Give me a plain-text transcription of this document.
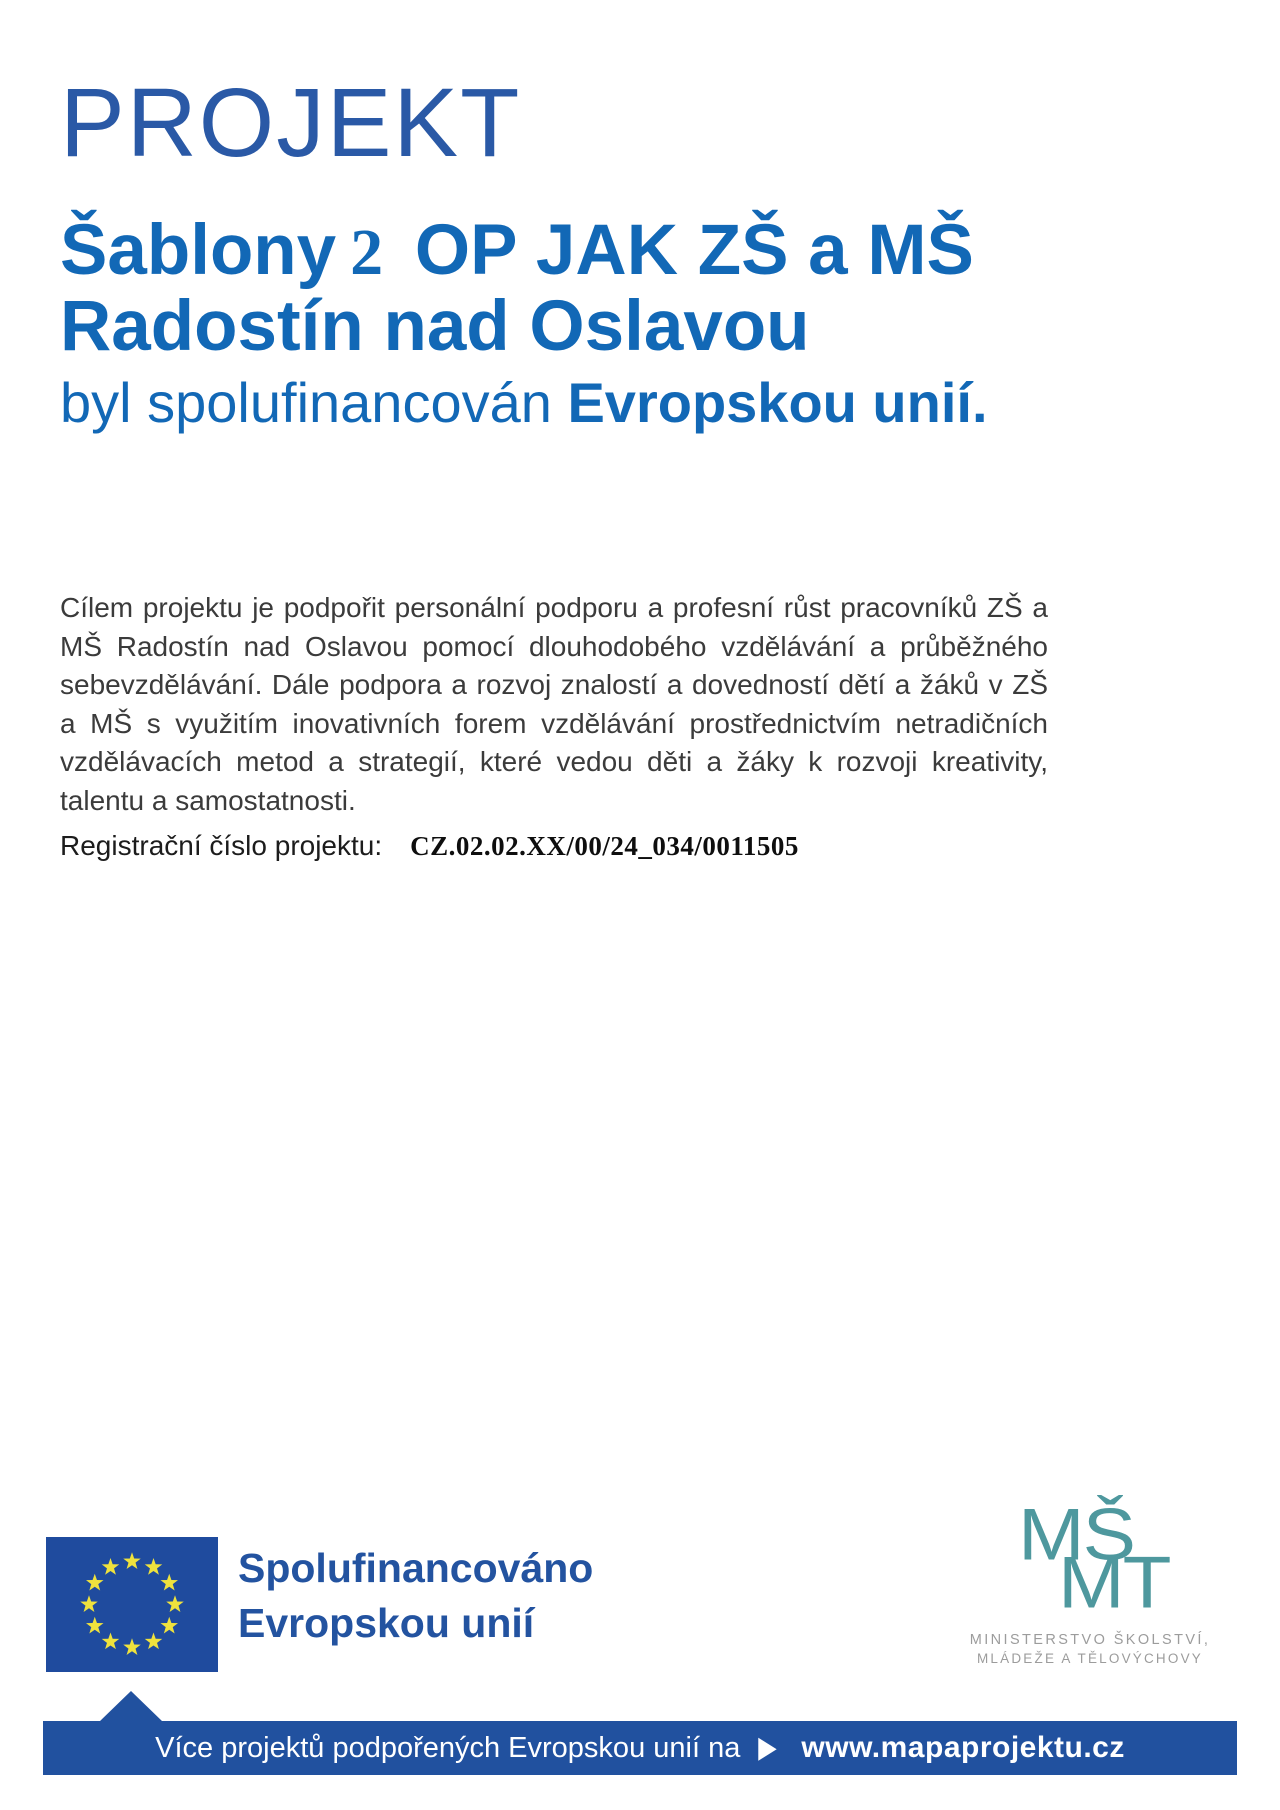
PROJEKT
Šablony 2 OP JAK ZŠ a MŠ
Radostín nad Oslavou
byl spolufinancován Evropskou unií.

Cílem projektu je podpořit personální podporu a profesní růst pracovníků ZŠ a MŠ Radostín nad Oslavou pomocí dlouhodobého vzdělávání a průběžného sebevzdělávání. Dále podpora a rozvoj znalostí a dovedností dětí a žáků v ZŠ a MŠ s využitím inovativních forem vzdělávání prostřednictvím netradičních vzdělávacích metod a strategií, které vedou děti a žáky k rozvoji kreativity, talentu a samostatnosti.

Registrační číslo projektu: CZ.02.02.XX/00/24_034/0011505
Spolufinancováno
Evropskou unií
MŠ
MT
MINISTERSTVO ŠKOLSTVÍ,
MLÁDEŽE A TĚLOVÝCHOVY
Více projektů podpořených Evropskou unií na ▶ www.mapaprojektu.cz
